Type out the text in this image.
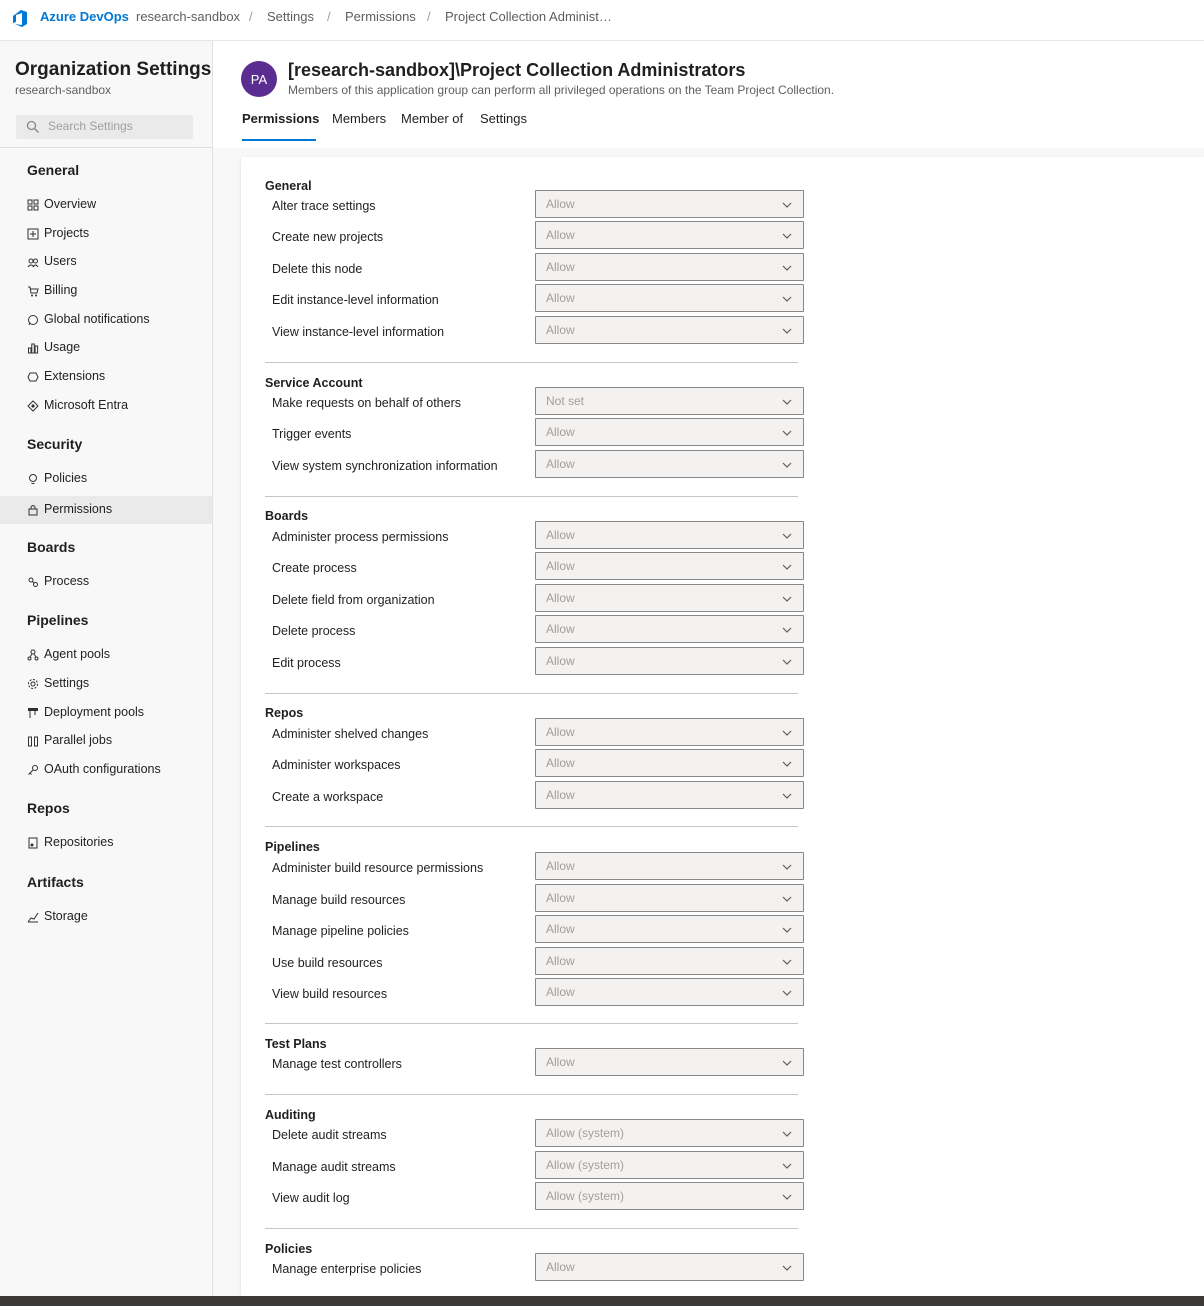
Azure DevOps research-sandbox / Settings / Permissions / Project Collection Administ…
Organization Settings
research-sandbox
Search Settings
General
Overview
Projects
Users
Billing
Global notifications
Usage
Extensions
Microsoft Entra
Security
Policies
Permissions
Boards
Process
Pipelines
Agent pools
Settings
Deployment pools
Parallel jobs
OAuth configurations
Repos
Repositories
Artifacts
Storage
PA	[research-sandbox]\Project Collection Administrators
Members of this application group can perform all privileged operations on the Team Project Collection.
Permissions Members Member of Settings
General
Alter trace settings	Allow
Create new projects	Allow
Delete this node	Allow
Edit instance-level information	Allow
View instance-level information	Allow
Service Account
Make requests on behalf of others	Not set
Trigger events	Allow
View system synchronization information	Allow
Boards
Administer process permissions	Allow
Create process	Allow
Delete field from organization	Allow
Delete process	Allow
Edit process	Allow
Repos
Administer shelved changes	Allow
Administer workspaces	Allow
Create a workspace	Allow
Pipelines
Administer build resource permissions	Allow
Manage build resources	Allow
Manage pipeline policies	Allow
Use build resources	Allow
View build resources	Allow
Test Plans
Manage test controllers	Allow
Auditing
Delete audit streams	Allow (system)
Manage audit streams	Allow (system)
View audit log	Allow (system)
Policies
Manage enterprise policies	Allow
